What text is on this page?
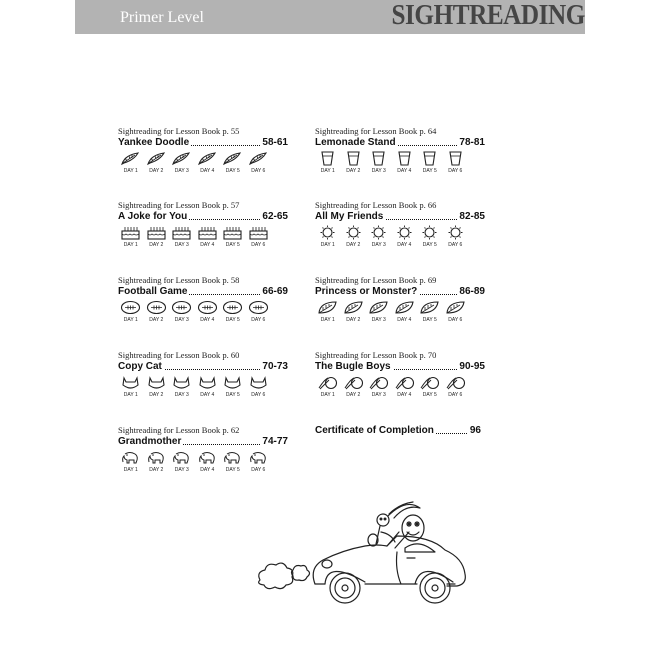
Primer Level	SIGHTREADING
Sightreading for Lesson Book p. 55
Yankee Doodle	58-61
DAY 1 DAY 2 DAY 3 DAY 4 DAY 5 DAY 6
Sightreading for Lesson Book p. 64
Lemonade Stand	78-81
DAY 1 DAY 2 DAY 3 DAY 4 DAY 5 DAY 6
Sightreading for Lesson Book p. 57
A Joke for You	62-65
DAY 1 DAY 2 DAY 3 DAY 4 DAY 5 DAY 6
Sightreading for Lesson Book p. 66
All My Friends	82-85
DAY 1 DAY 2 DAY 3 DAY 4 DAY 5 DAY 6
Sightreading for Lesson Book p. 58
Football Game	66-69
DAY 1 DAY 2 DAY 3 DAY 4 DAY 5 DAY 6
Sightreading for Lesson Book p. 69
Princess or Monster?	86-89
DAY 1 DAY 2 DAY 3 DAY 4 DAY 5 DAY 6
Sightreading for Lesson Book p. 60
Copy Cat	70-73
DAY 1 DAY 2 DAY 3 DAY 4 DAY 5 DAY 6
Sightreading for Lesson Book p. 70
The Bugle Boys	90-95
DAY 1 DAY 2 DAY 3 DAY 4 DAY 5 DAY 6
Sightreading for Lesson Book p. 62
Grandmother	74-77
DAY 1 DAY 2 DAY 3 DAY 4 DAY 5 DAY 6
Certificate of Completion	96
